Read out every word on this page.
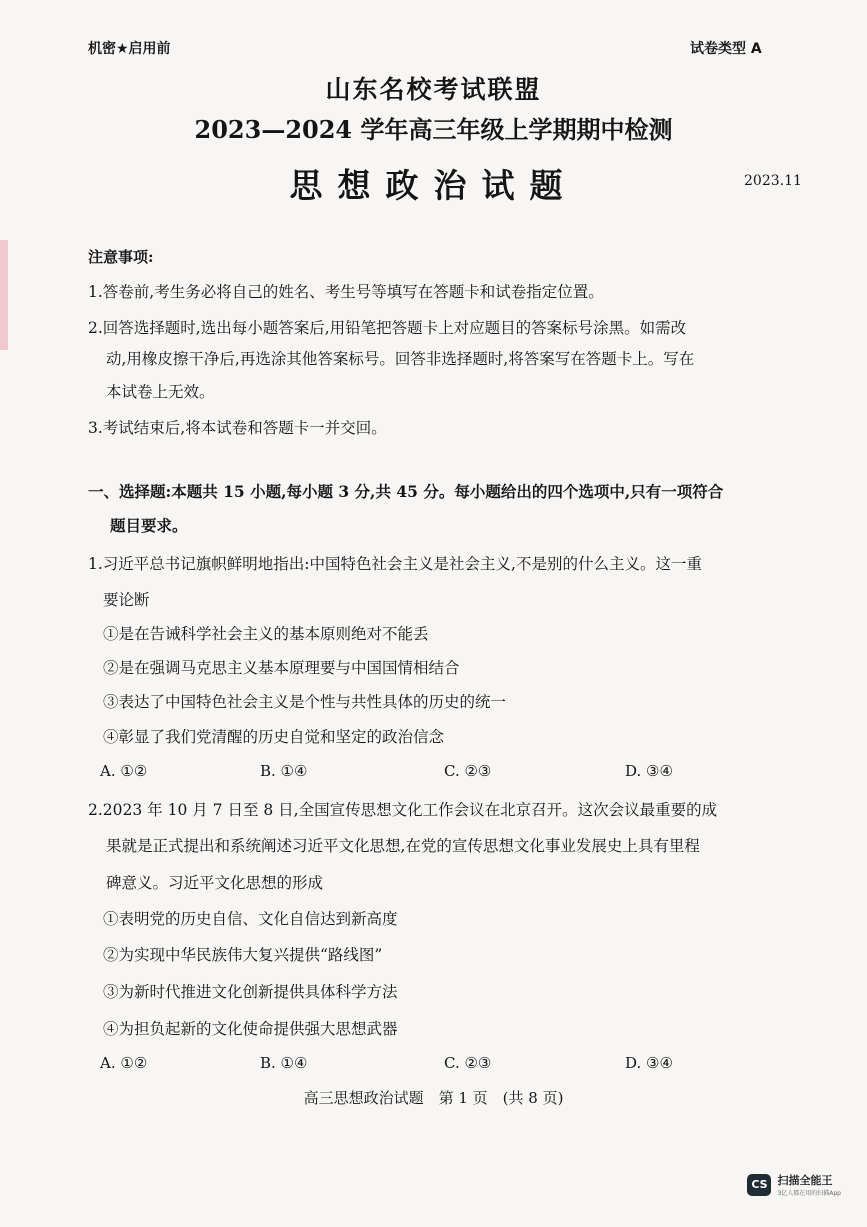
机密★启用前	试卷类型 A
山东名校考试联盟
2023—2024 学年高三年级上学期期中检测
思想政治试题	2023.11
注意事项:
1.答卷前,考生务必将自己的姓名、考生号等填写在答题卡和试卷指定位置。
2.回答选择题时,选出每小题答案后,用铅笔把答题卡上对应题目的答案标号涂黑。如需改
动,用橡皮擦干净后,再选涂其他答案标号。回答非选择题时,将答案写在答题卡上。写在
本试卷上无效。
3.考试结束后,将本试卷和答题卡一并交回。
一、选择题:本题共 15 小题,每小题 3 分,共 45 分。每小题给出的四个选项中,只有一项符合
题目要求。
1.习近平总书记旗帜鲜明地指出:中国特色社会主义是社会主义,不是别的什么主义。这一重
要论断
①是在告诫科学社会主义的基本原则绝对不能丢
②是在强调马克思主义基本原理要与中国国情相结合
③表达了中国特色社会主义是个性与共性具体的历史的统一
④彰显了我们党清醒的历史自觉和坚定的政治信念
A. ①②	B. ①④	C. ②③	D. ③④
2.2023 年 10 月 7 日至 8 日,全国宣传思想文化工作会议在北京召开。这次会议最重要的成
果就是正式提出和系统阐述习近平文化思想,在党的宣传思想文化事业发展史上具有里程
碑意义。习近平文化思想的形成
①表明党的历史自信、文化自信达到新高度
②为实现中华民族伟大复兴提供“路线图”
③为新时代推进文化创新提供具体科学方法
④为担负起新的文化使命提供强大思想武器
A. ①②	B. ①④	C. ②③	D. ③④
高三思想政治试题　第 1 页　(共 8 页)
CS 扫描全能王
3亿人都在用的扫描App
